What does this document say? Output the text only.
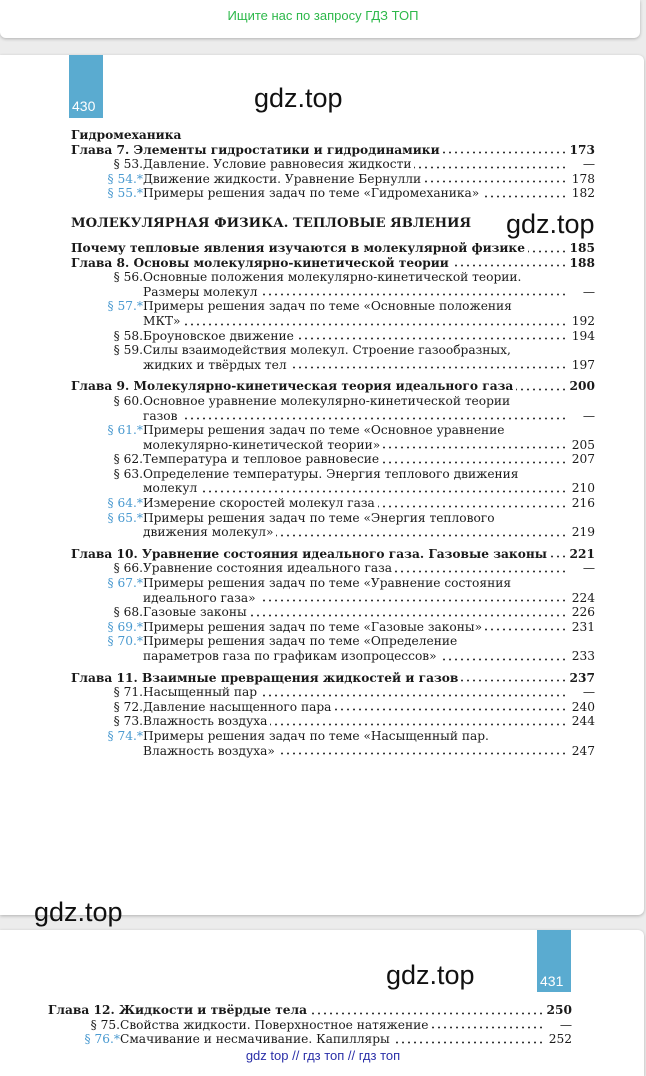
Ищите нас по запросу ГДЗ ТОП
430
431
gdz.top
gdz.top
gdz.top
gdz.top
Гидромеханика
Глава 7. Элементы гидростатики и гидродинамики	173
§ 53. Давление. Условие равновесия жидкости	—
§ 54.* Движение жидкости. Уравнение Бернулли	178
§ 55.* Примеры решения задач по теме «Гидромеханика»	182
МОЛЕКУЛЯРНАЯ ФИЗИКА. ТЕПЛОВЫЕ ЯВЛЕНИЯ
Почему тепловые явления изучаются в молекулярной физике	185
Глава 8. Основы молекулярно-кинетической теории	188
§ 56. Основные положения молекулярно-кинетической теории.
Размеры молекул	—
§ 57.* Примеры решения задач по теме «Основные положения
МКТ»	192
§ 58. Броуновское движение	194
§ 59. Силы взаимодействия молекул. Строение газообразных,
жидких и твёрдых тел	197
Глава 9. Молекулярно-кинетическая теория идеального газа	200
§ 60. Основное уравнение молекулярно-кинетической теории
газов	—
§ 61.* Примеры решения задач по теме «Основное уравнение
молекулярно-кинетической теории»	205
§ 62. Температура и тепловое равновесие	207
§ 63. Определение температуры. Энергия теплового движения
молекул	210
§ 64.* Измерение скоростей молекул газа	216
§ 65.* Примеры решения задач по теме «Энергия теплового
движения молекул»	219
Глава 10. Уравнение состояния идеального газа. Газовые законы	221
§ 66. Уравнение состояния идеального газа	—
§ 67.* Примеры решения задач по теме «Уравнение состояния
идеального газа»	224
§ 68. Газовые законы	226
§ 69.* Примеры решения задач по теме «Газовые законы»	231
§ 70.* Примеры решения задач по теме «Определение
параметров газа по графикам изопроцессов»	233
Глава 11. Взаимные превращения жидкостей и газов	237
§ 71. Насыщенный пар	—
§ 72. Давление насыщенного пара	240
§ 73. Влажность воздуха	244
§ 74.* Примеры решения задач по теме «Насыщенный пар.
Влажность воздуха»	247
Глава 12. Жидкости и твёрдые тела	250
§ 75. Свойства жидкости. Поверхностное натяжение	—
§ 76.* Смачивание и несмачивание. Капилляры	252
gdz top // гдз топ // гдз топ
